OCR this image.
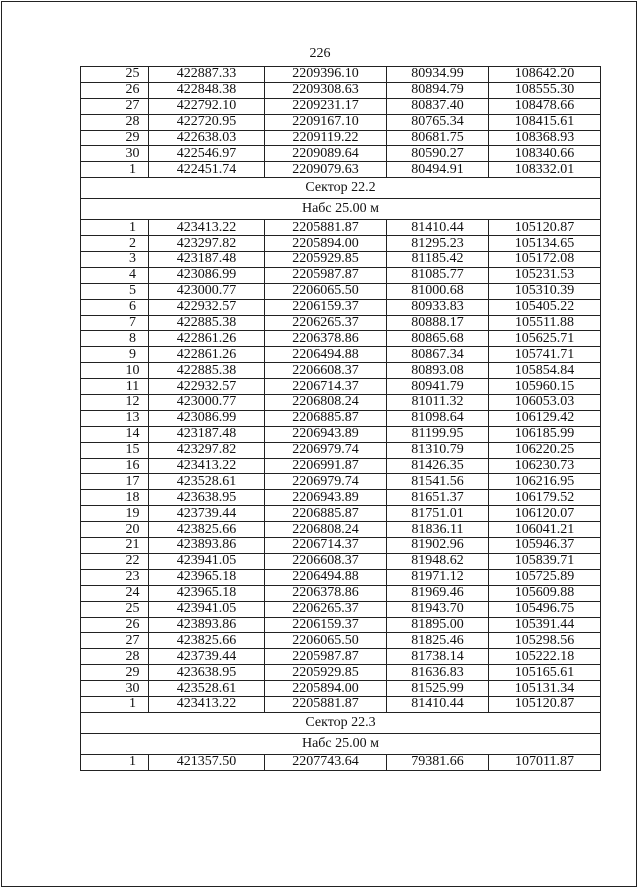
226
25	422887.33	2209396.10	80934.99	108642.20
26	422848.38	2209308.63	80894.79	108555.30
27	422792.10	2209231.17	80837.40	108478.66
28	422720.95	2209167.10	80765.34	108415.61
29	422638.03	2209119.22	80681.75	108368.93
30	422546.97	2209089.64	80590.27	108340.66
1	422451.74	2209079.63	80494.91	108332.01
Сектор 22.2				
Набс 25.00 м				
1	423413.22	2205881.87	81410.44	105120.87
2	423297.82	2205894.00	81295.23	105134.65
3	423187.48	2205929.85	81185.42	105172.08
4	423086.99	2205987.87	81085.77	105231.53
5	423000.77	2206065.50	81000.68	105310.39
6	422932.57	2206159.37	80933.83	105405.22
7	422885.38	2206265.37	80888.17	105511.88
8	422861.26	2206378.86	80865.68	105625.71
9	422861.26	2206494.88	80867.34	105741.71
10	422885.38	2206608.37	80893.08	105854.84
11	422932.57	2206714.37	80941.79	105960.15
12	423000.77	2206808.24	81011.32	106053.03
13	423086.99	2206885.87	81098.64	106129.42
14	423187.48	2206943.89	81199.95	106185.99
15	423297.82	2206979.74	81310.79	106220.25
16	423413.22	2206991.87	81426.35	106230.73
17	423528.61	2206979.74	81541.56	106216.95
18	423638.95	2206943.89	81651.37	106179.52
19	423739.44	2206885.87	81751.01	106120.07
20	423825.66	2206808.24	81836.11	106041.21
21	423893.86	2206714.37	81902.96	105946.37
22	423941.05	2206608.37	81948.62	105839.71
23	423965.18	2206494.88	81971.12	105725.89
24	423965.18	2206378.86	81969.46	105609.88
25	423941.05	2206265.37	81943.70	105496.75
26	423893.86	2206159.37	81895.00	105391.44
27	423825.66	2206065.50	81825.46	105298.56
28	423739.44	2205987.87	81738.14	105222.18
29	423638.95	2205929.85	81636.83	105165.61
30	423528.61	2205894.00	81525.99	105131.34
1	423413.22	2205881.87	81410.44	105120.87
Сектор 22.3				
Набс 25.00 м				
1	421357.50	2207743.64	79381.66	107011.87
